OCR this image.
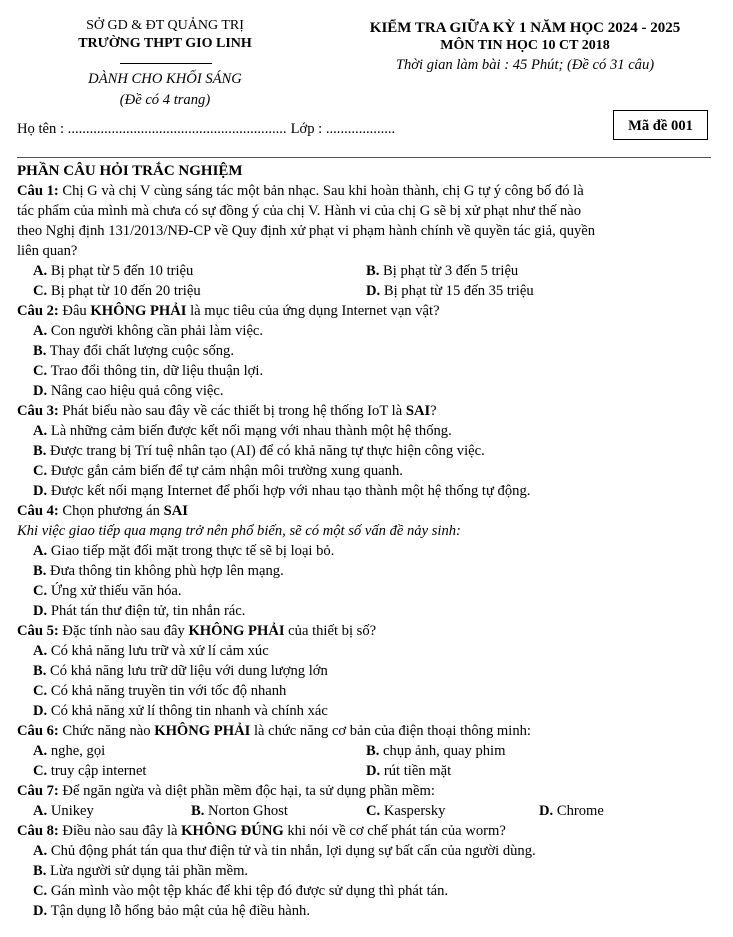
SỞ GD & ĐT QUẢNG TRỊ
TRƯỜNG THPT GIO LINH
DÀNH CHO KHỐI SÁNG
(Đề có 4 trang)
KIỂM TRA GIỮA KỲ 1 NĂM HỌC 2024 - 2025
MÔN TIN HỌC 10 CT 2018
Thời gian làm bài : 45 Phút; (Đề có 31 câu)
Họ tên : ............................................................ Lớp : ...................	Mã đề 001
PHẦN CÂU HỎI TRẮC NGHIỆM
Câu 1: Chị G và chị V cùng sáng tác một bản nhạc. Sau khi hoàn thành, chị G tự ý công bố đó là
tác phẩm của mình mà chưa có sự đồng ý của chị V. Hành vi của chị G sẽ bị xử phạt như thế nào
theo Nghị định 131/2013/NĐ-CP về Quy định xử phạt vi phạm hành chính về quyền tác giả, quyền
liên quan?
A. Bị phạt từ 5 đến 10 triệu	B. Bị phạt từ 3 đến 5 triệu
C. Bị phạt từ 10 đến 20 triệu	D. Bị phạt từ 15 đến 35 triệu
Câu 2: Đâu KHÔNG PHẢI là mục tiêu của ứng dụng Internet vạn vật?
A. Con người không cần phải làm việc.
B. Thay đổi chất lượng cuộc sống.
C. Trao đổi thông tin, dữ liệu thuận lợi.
D. Nâng cao hiệu quả công việc.
Câu 3: Phát biểu nào sau đây về các thiết bị trong hệ thống IoT là SAI?
A. Là những cảm biến được kết nối mạng với nhau thành một hệ thống.
B. Được trang bị Trí tuệ nhân tạo (AI) để có khả năng tự thực hiện công việc.
C. Được gắn cảm biến để tự cảm nhận môi trường xung quanh.
D. Được kết nối mạng Internet để phối hợp với nhau tạo thành một hệ thống tự động.
Câu 4: Chọn phương án SAI
Khi việc giao tiếp qua mạng trở nên phổ biến, sẽ có một số vấn đề nảy sinh:
A. Giao tiếp mặt đối mặt trong thực tế sẽ bị loại bỏ.
B. Đưa thông tin không phù hợp lên mạng.
C. Ứng xử thiếu văn hóa.
D. Phát tán thư điện tử, tin nhắn rác.
Câu 5: Đặc tính nào sau đây KHÔNG PHẢI của thiết bị số?
A. Có khả năng lưu trữ và xử lí cảm xúc
B. Có khả năng lưu trữ dữ liệu với dung lượng lớn
C. Có khả năng truyền tin với tốc độ nhanh
D. Có khả năng xử lí thông tin nhanh và chính xác
Câu 6: Chức năng nào KHÔNG PHẢI là chức năng cơ bản của điện thoại thông minh:
A. nghe, gọi	B. chụp ảnh, quay phim
C. truy cập internet	D. rút tiền mặt
Câu 7: Để ngăn ngừa và diệt phần mềm độc hại, ta sử dụng phần mềm:
A. Unikey	B. Norton Ghost	C. Kaspersky	D. Chrome
Câu 8: Điều nào sau đây là KHÔNG ĐÚNG khi nói về cơ chế phát tán của worm?
A. Chủ động phát tán qua thư điện tử và tin nhắn, lợi dụng sự bất cẩn của người dùng.
B. Lừa người sử dụng tải phần mềm.
C. Gán mình vào một tệp khác để khi tệp đó được sử dụng thì phát tán.
D. Tận dụng lỗ hổng bảo mật của hệ điều hành.
